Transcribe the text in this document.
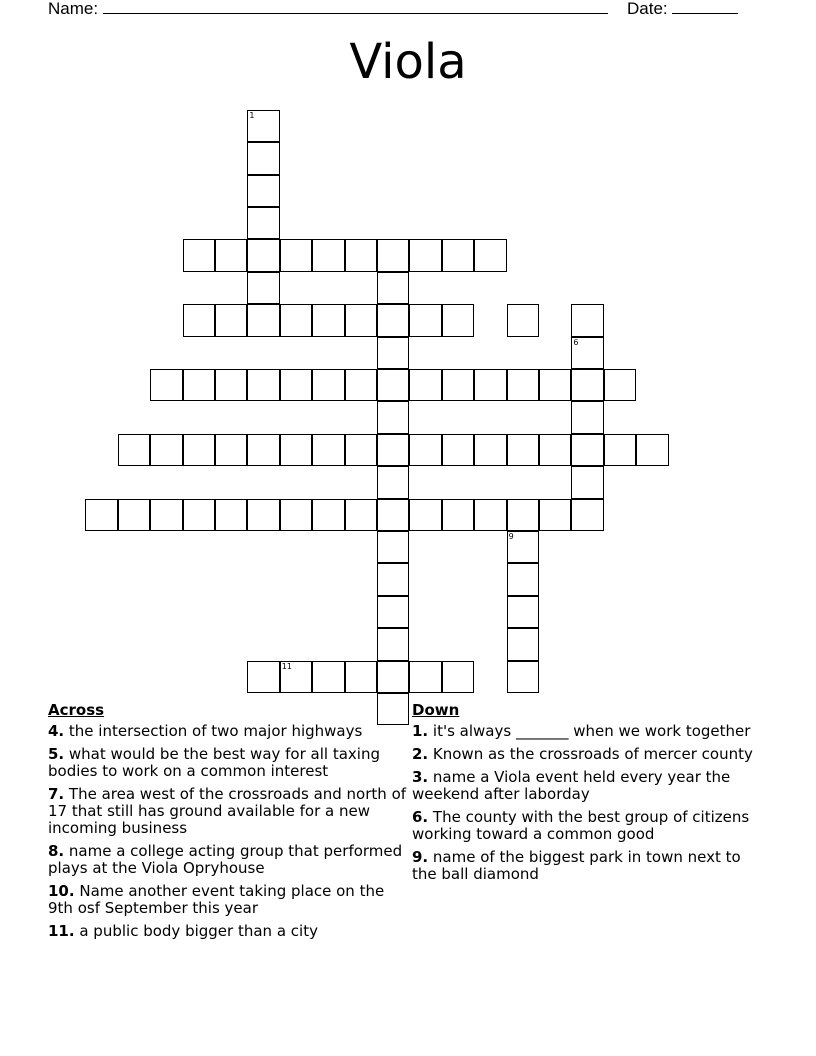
Name:	Date:
Viola
1
6
9
11
Across
4. the intersection of two major highways
5. what would be the best way for all taxing bodies to work on a common interest
7. The area west of the crossroads and north of 17 that still has ground available for a new incoming business
8. name a college acting group that performed plays at the Viola Opryhouse
10. Name another event taking place on the 9th osf September this year
11. a public body bigger than a city
Down
1. it's always _______ when we work together
2. Known as the crossroads of mercer county
3. name a Viola event held every year the weekend after laborday
6. The county with the best group of citizens working toward a common good
9. name of the biggest park in town next to the ball diamond
